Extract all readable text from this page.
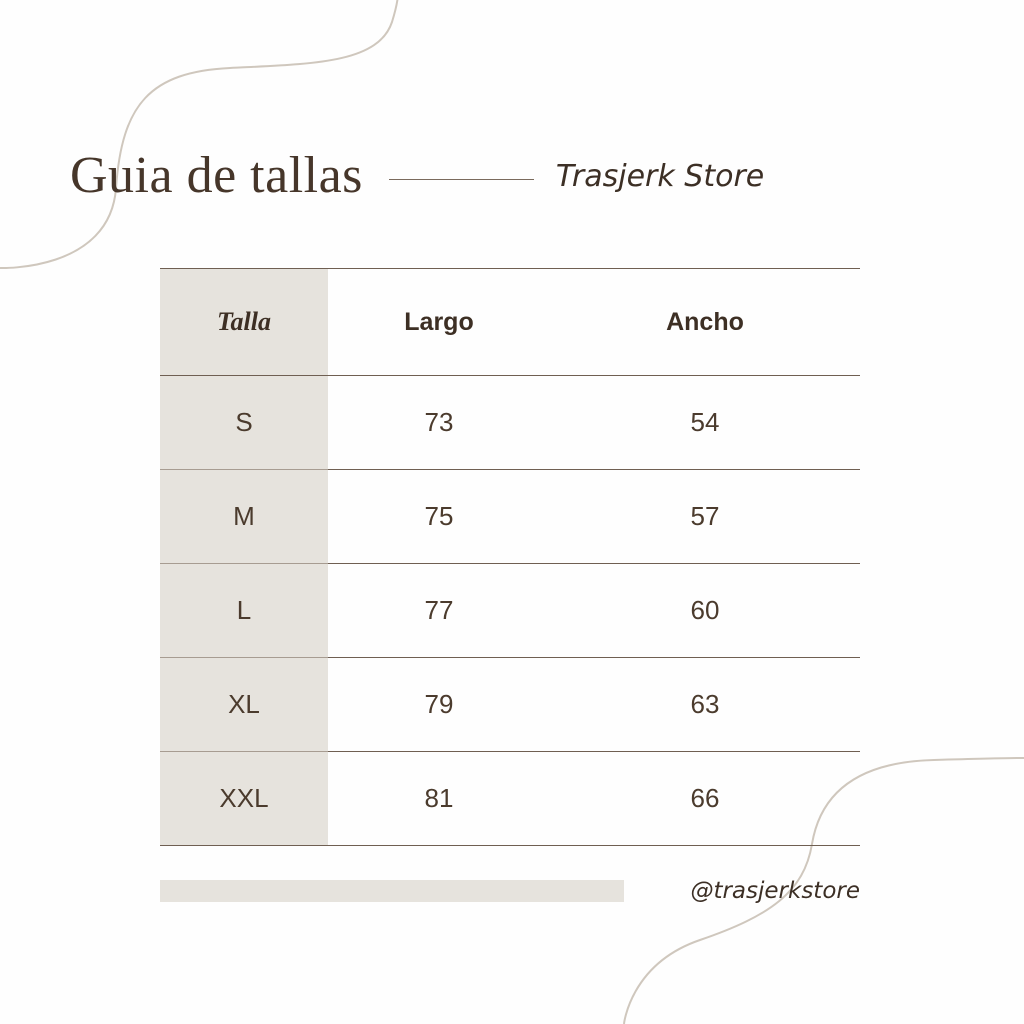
Guia de tallas	Trasjerk Store
Talla	Largo	Ancho
S	73	54
M	75	57
L	77	60
XL	79	63
XXL	81	66
@trasjerkstore
